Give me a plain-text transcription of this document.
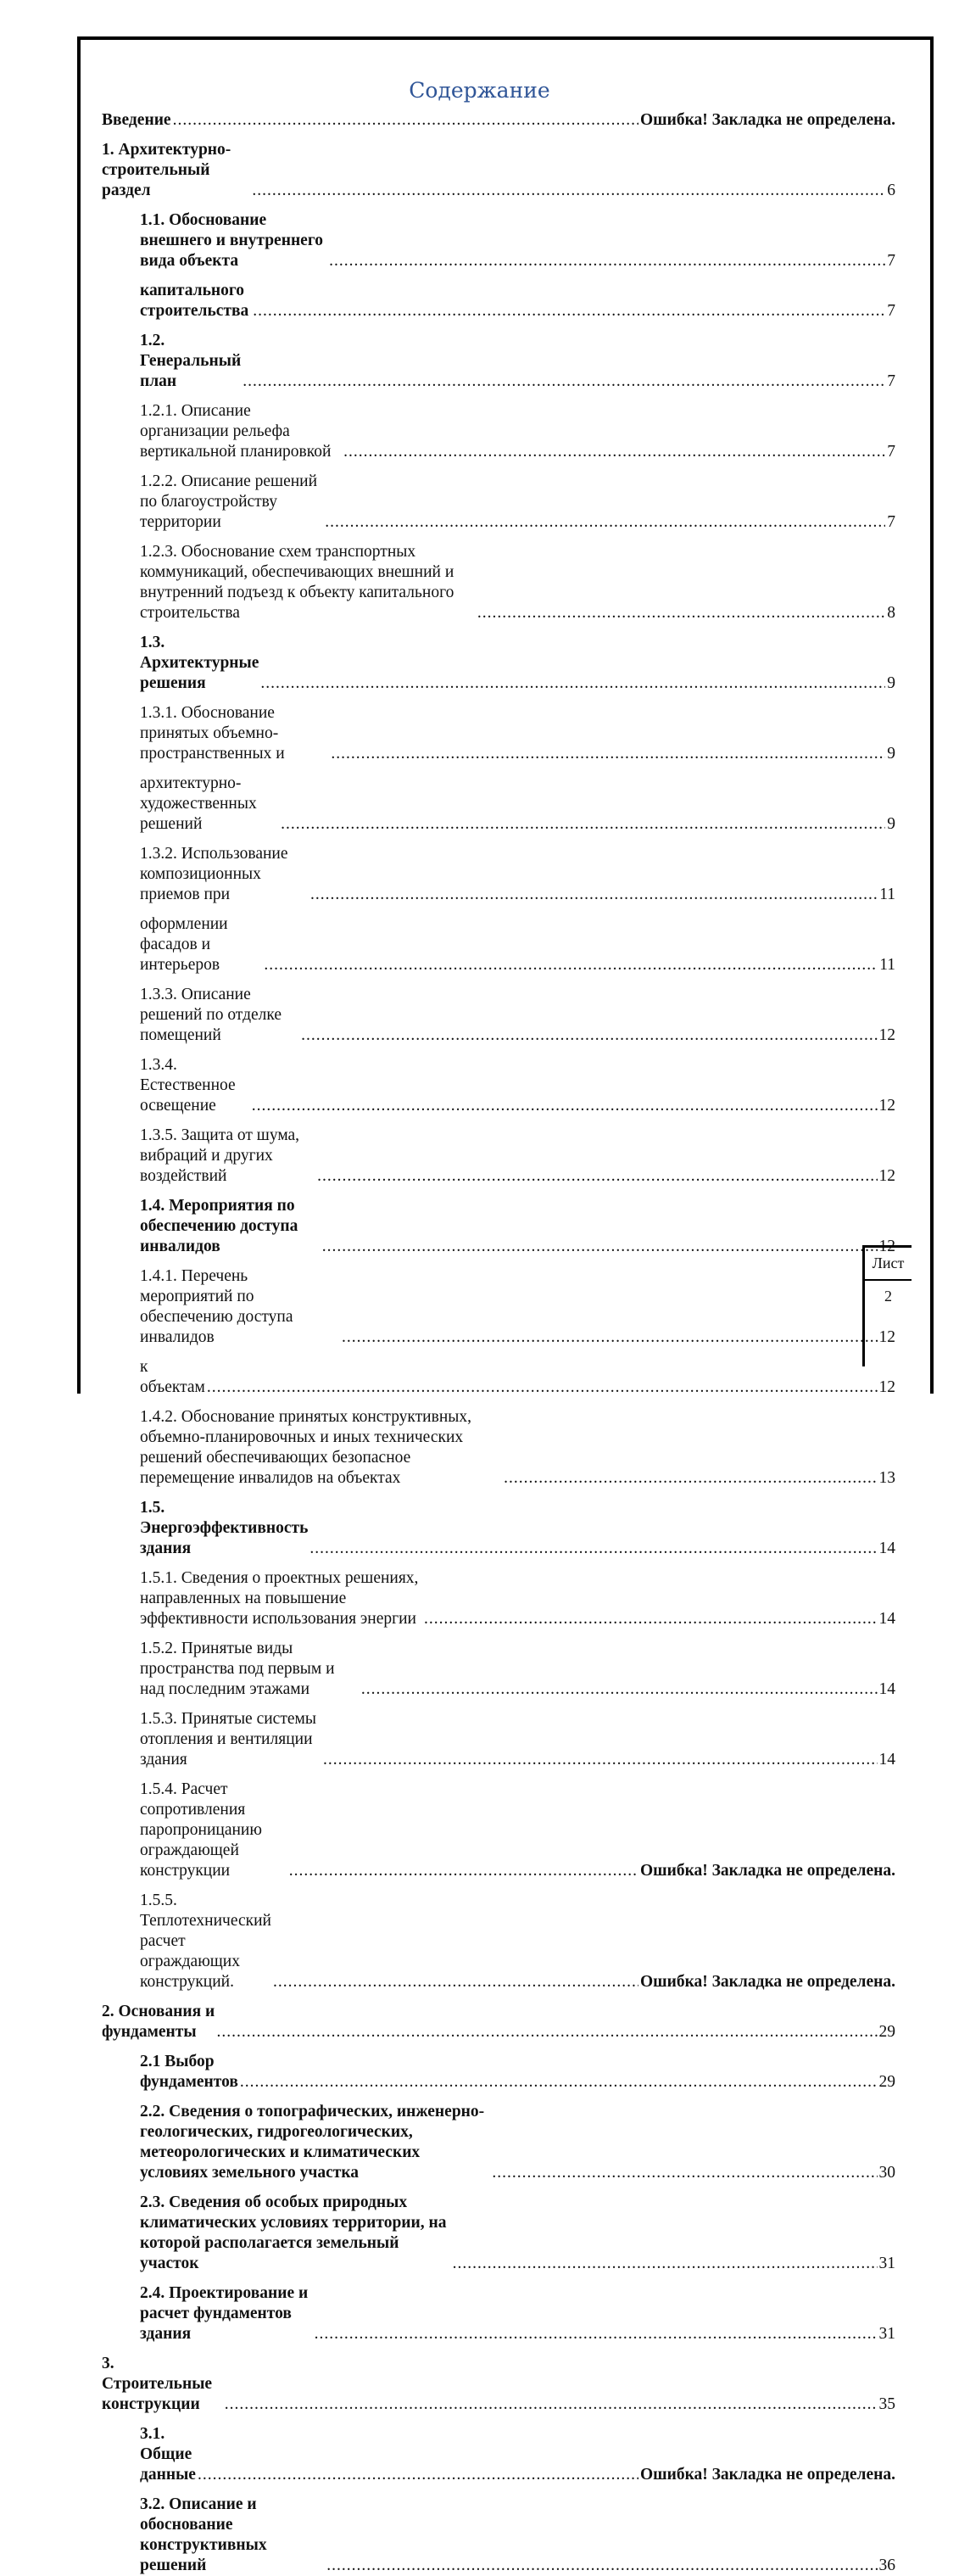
Содержание
Введение .....	Ошибка! Закладка не определена.
1. Архитектурно-строительный раздел .....	6
1.1. Обоснование внешнего и внутреннего вида объекта .....	7
капитального строительства .....	7
1.2. Генеральный план .....	7
1.2.1. Описание организации рельефа вертикальной планировкой .....	7
1.2.2. Описание решений по благоустройству территории .....	7
1.2.3. Обоснование схем транспортных коммуникаций, обеспечивающих внешний и внутренний подъезд к объекту капитального строительства .....	8
1.3. Архитектурные решения .....	9
1.3.1. Обоснование принятых объемно-пространственных и .....	9
архитектурно-художественных решений .....	9
1.3.2. Использование композиционных приемов при .....	11
оформлении фасадов и интерьеров .....	11
1.3.3. Описание решений по отделке помещений .....	12
1.3.4. Естественное освещение .....	12
1.3.5. Защита от шума, вибраций и других воздействий .....	12
1.4. Мероприятия по обеспечению доступа инвалидов .....	12
1.4.1. Перечень мероприятий по обеспечению доступа инвалидов .....	12
к объектам .....	12
1.4.2. Обоснование принятых конструктивных, объемно-планировочных и иных технических решений обеспечивающих безопасное перемещение инвалидов на объектах .....	13
1.5. Энергоэффективность здания .....	14
1.5.1. Сведения о проектных решениях, направленных на повышение эффективности использования энергии .....	14
1.5.2. Принятые виды пространства под первым и над последним этажами .....	14
1.5.3. Принятые системы отопления и вентиляции здания .....	14
1.5.4. Расчет сопротивления паропроницанию ограждающей конструкции .....	Ошибка! Закладка не определена.
1.5.5. Теплотехнический расчет ограждающих конструкций. .....	Ошибка! Закладка не определена.
2. Основания и фундаменты .....	29
2.1 Выбор фундаментов .....	29
2.2. Сведения о топографических, инженерно-геологических, гидрогеологических, метеорологических и климатических условиях земельного участка .....	30
2.3. Сведения об особых природных климатических условиях территории, на которой располагается земельный участок .....	31
2.4. Проектирование и расчет фундаментов здания .....	31
3. Строительные конструкции .....	35
3.1. Общие данные .....	Ошибка! Закладка не определена.
3.2. Описание и обоснование конструктивных решений .....	36
Лист
2
